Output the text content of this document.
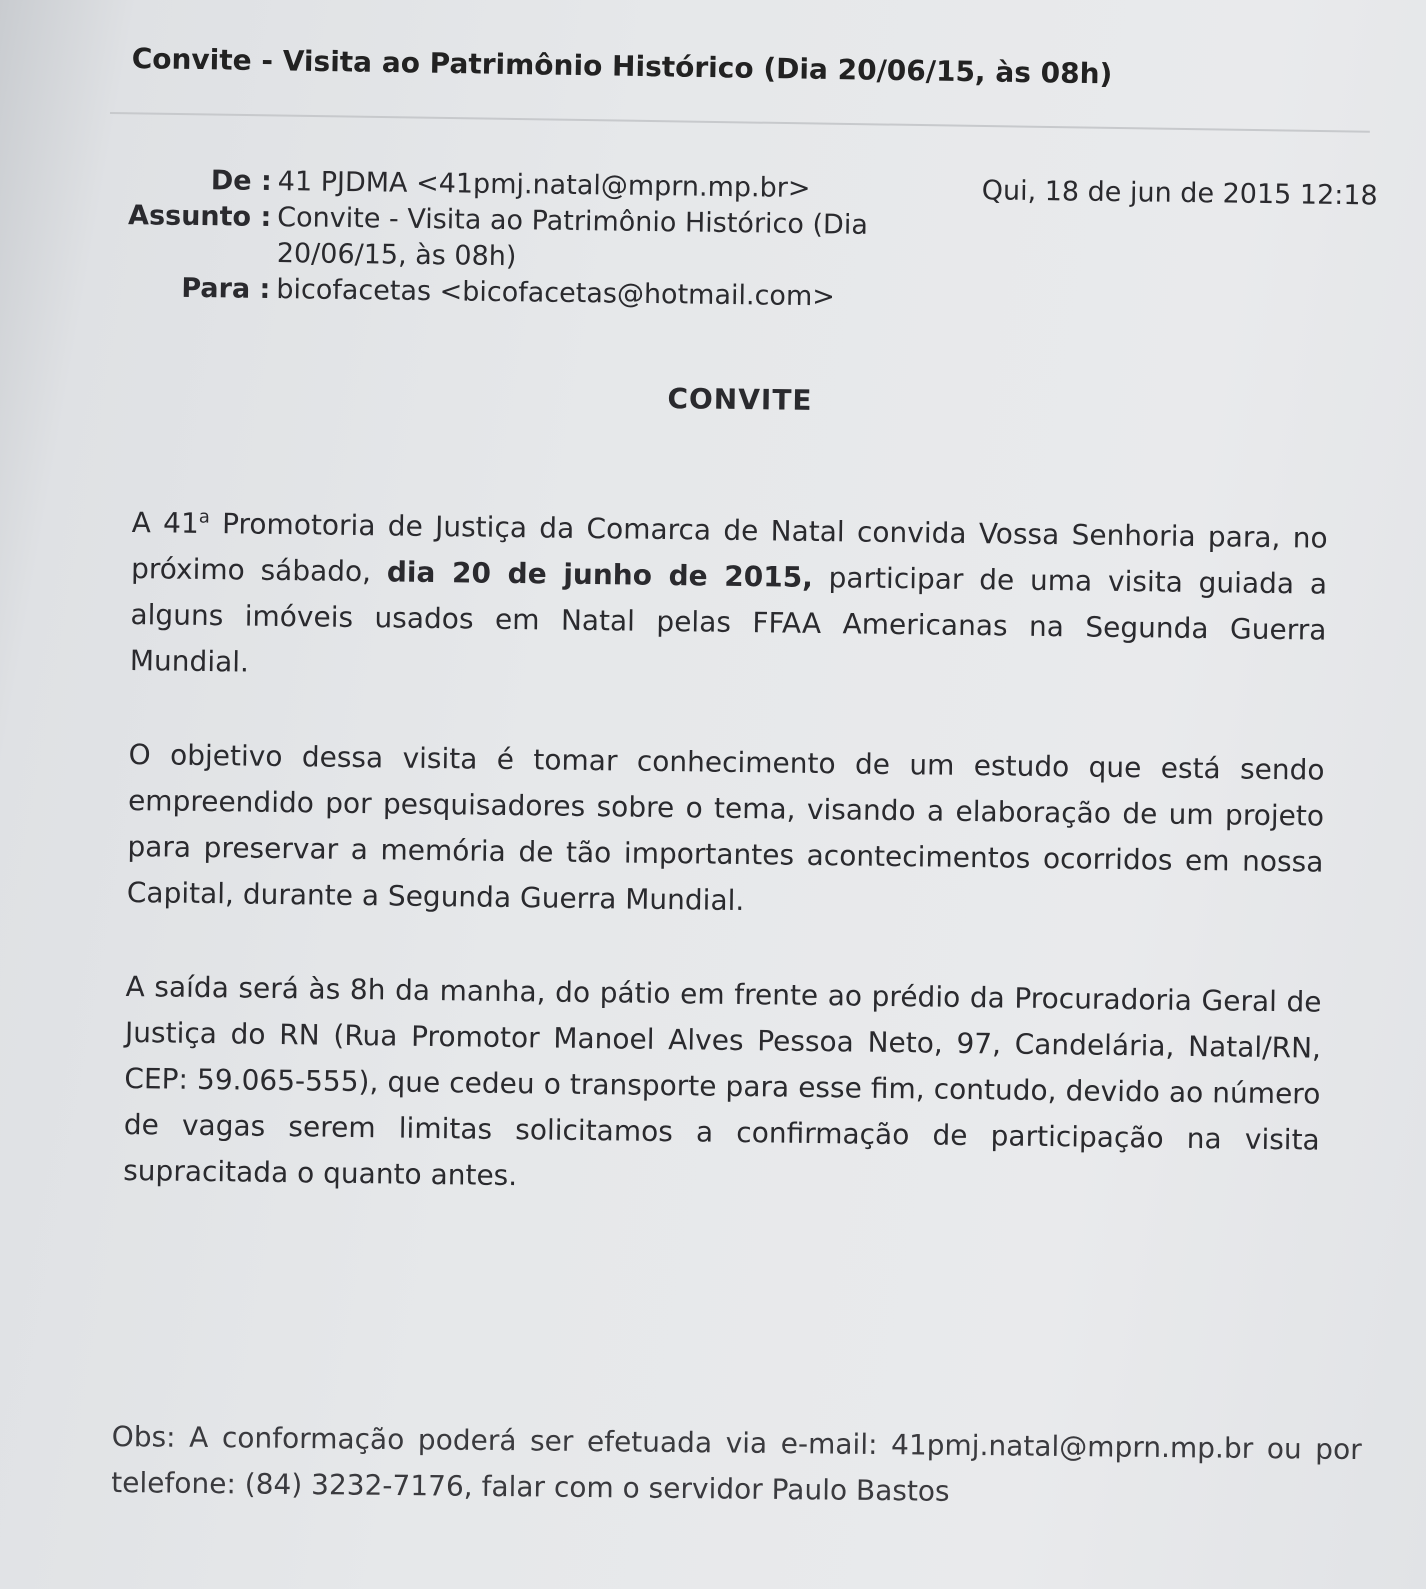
Convite - Visita ao Patrimônio Histórico (Dia 20/06/15, às 08h)
De : 41 PJDMA <41pmj.natal@mprn.mp.br>	Qui, 18 de jun de 2015 12:18
Assunto : Convite - Visita ao Patrimônio Histórico (Dia 20/06/15, às 08h)
Para : bicofacetas <bicofacetas@hotmail.com>
CONVITE

A 41$^a$ Promotoria de Justiça da Comarca de Natal convida Vossa Senhoria para, no próximo sábado, dia 20 de junho de 2015, participar de uma visita guiada a alguns imóveis usados em Natal pelas FFAA Americanas na Segunda Guerra Mundial.

O objetivo dessa visita é tomar conhecimento de um estudo que está sendo empreendido por pesquisadores sobre o tema, visando a elaboração de um projeto para preservar a memória de tão importantes acontecimentos ocorridos em nossa Capital, durante a Segunda Guerra Mundial.

A saída será às 8h da manha, do pátio em frente ao prédio da Procuradoria Geral de Justiça do RN (Rua Promotor Manoel Alves Pessoa Neto, 97, Candelária, Natal/RN, CEP: 59.065-555), que cedeu o transporte para esse fim, contudo, devido ao número de vagas serem limitas solicitamos a confirmação de participação na visita supracitada o quanto antes.

Obs: A conformação poderá ser efetuada via e-mail: 41pmj.natal@mprn.mp.br ou por telefone: (84) 3232-7176, falar com o servidor Paulo Bastos
